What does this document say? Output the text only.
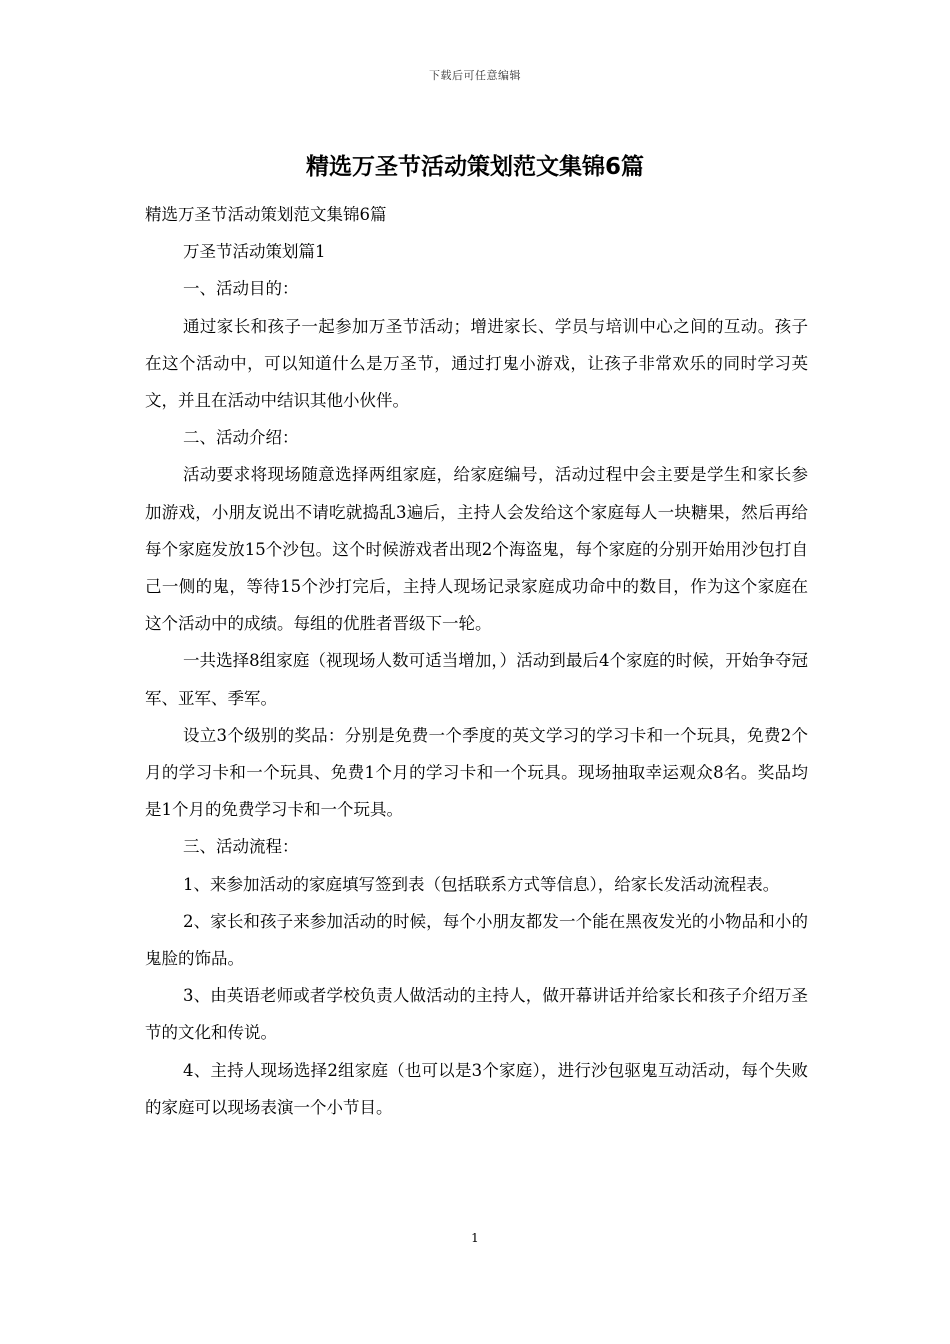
下载后可任意编辑
精选万圣节活动策划范文集锦6篇

精选万圣节活动策划范文集锦6篇

万圣节活动策划篇1

一、活动目的：

通过家长和孩子一起参加万圣节活动；增进家长、学员与培训中心之间的互动。孩子在这个活动中，可以知道什么是万圣节，通过打鬼小游戏，让孩子非常欢乐的同时学习英文，并且在活动中结识其他小伙伴。

二、活动介绍：

活动要求将现场随意选择两组家庭，给家庭编号，活动过程中会主要是学生和家长参加游戏，小朋友说出不请吃就捣乱3遍后，主持人会发给这个家庭每人一块糖果，然后再给每个家庭发放15个沙包。这个时候游戏者出现2个海盗鬼，每个家庭的分别开始用沙包打自己一侧的鬼，等待15个沙打完后，主持人现场记录家庭成功命中的数目，作为这个家庭在这个活动中的成绩。每组的优胜者晋级下一轮。

一共选择8组家庭（视现场人数可适当增加，）活动到最后4个家庭的时候，开始争夺冠军、亚军、季军。

设立3个级别的奖品：分别是免费一个季度的英文学习的学习卡和一个玩具，免费2个月的学习卡和一个玩具、免费1个月的学习卡和一个玩具。现场抽取幸运观众8名。奖品均是1个月的免费学习卡和一个玩具。

三、活动流程：

1、来参加活动的家庭填写签到表（包括联系方式等信息），给家长发活动流程表。

2、家长和孩子来参加活动的时候，每个小朋友都发一个能在黑夜发光的小物品和小的鬼脸的饰品。

3、由英语老师或者学校负责人做活动的主持人，做开幕讲话并给家长和孩子介绍万圣节的文化和传说。

4、主持人现场选择2组家庭（也可以是3个家庭），进行沙包驱鬼互动活动，每个失败的家庭可以现场表演一个小节目。

1
